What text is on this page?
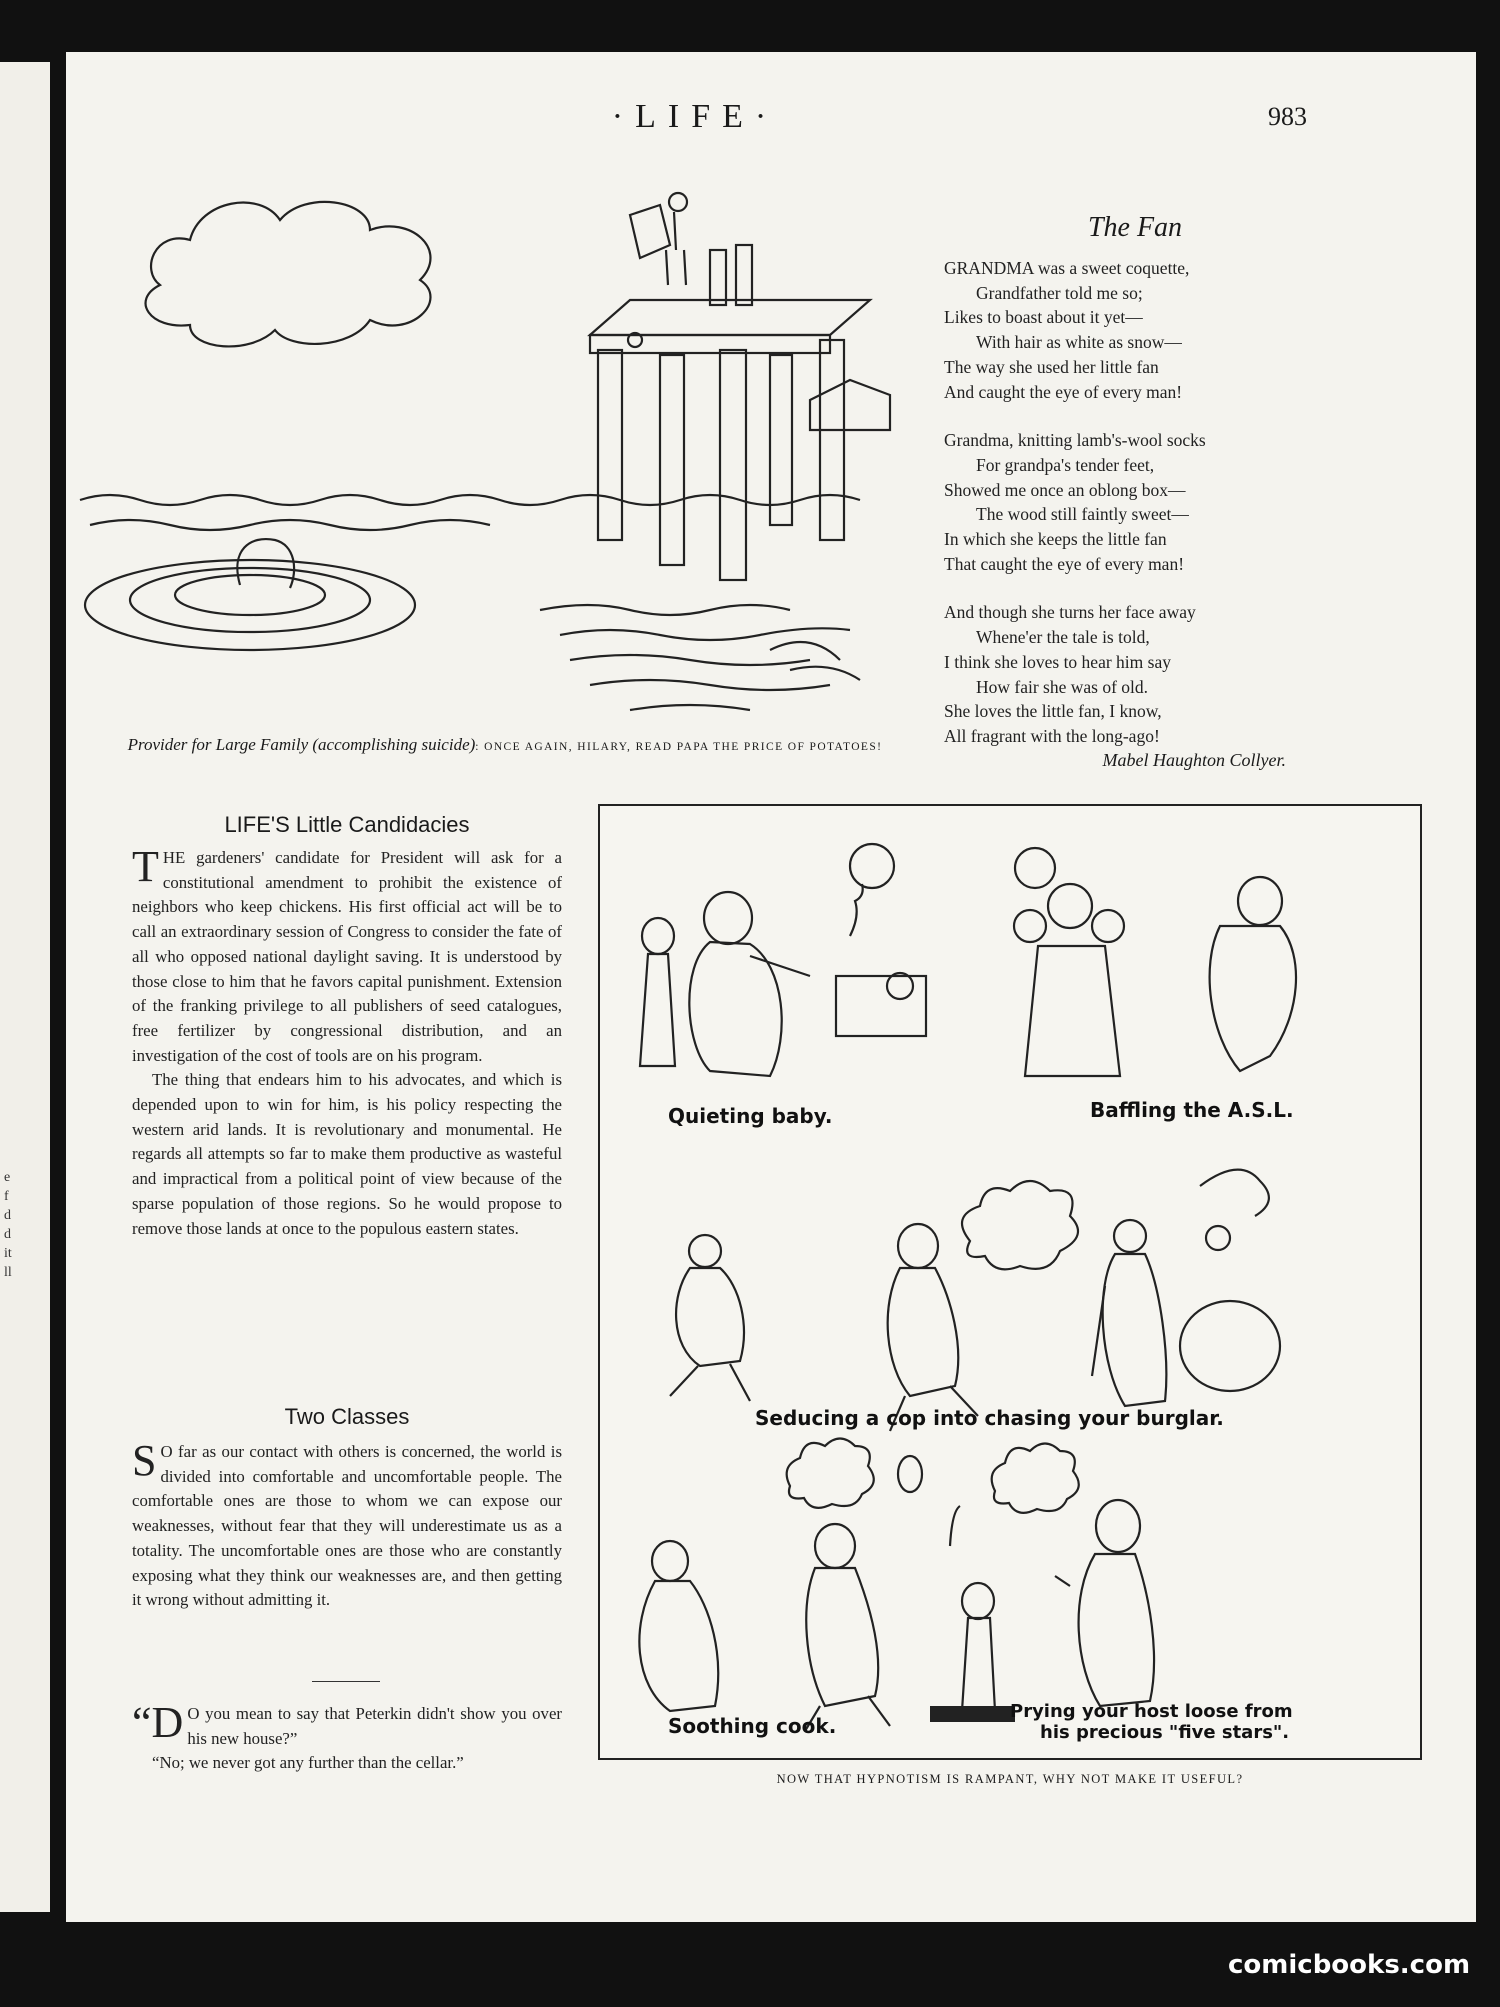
e
f
d
d
it
ll
·LIFE·	983
Provider for Large Family (accomplishing suicide): ONCE AGAIN, HILARY, READ PAPA THE PRICE OF POTATOES!
The Fan
GRANDMA was a sweet coquette,
Grandfather told me so;
Likes to boast about it yet—
With hair as white as snow—
The way she used her little fan
And caught the eye of every man!
Grandma, knitting lamb's-wool socks
For grandpa's tender feet,
Showed me once an oblong box—
The wood still faintly sweet—
In which she keeps the little fan
That caught the eye of every man!
And though she turns her face away
Whene'er the tale is told,
I think she loves to hear him say
How fair she was of old.
She loves the little fan, I know,
All fragrant with the long-ago!
Mabel Haughton Collyer.
LIFE'S Little Candidacies

THE gardeners' candidate for President will ask for a constitutional amendment to prohibit the existence of neighbors who keep chickens. His first official act will be to call an extraordinary session of Congress to consider the fate of all who opposed national daylight saving. It is understood by those close to him that he favors capital punishment. Extension of the franking privilege to all publishers of seed catalogues, free fertilizer by congressional distribution, and an investigation of the cost of tools are on his program.

The thing that endears him to his advocates, and which is depended upon to win for him, is his policy respecting the western arid lands. It is revolutionary and monumental. He regards all attempts so far to make them productive as wasteful and impractical from a political point of view because of the sparse population of those regions. So he would propose to remove those lands at once to the populous eastern states.

Two Classes

S O far as our contact with others is concerned, the world is divided into comfortable and uncomfortable people. The comfortable ones are those to whom we can expose our weaknesses, without fear that they will underestimate us as a totality. The uncomfortable ones are those who are constantly exposing what they think our weaknesses are, and then getting it wrong without admitting it.

“D O you mean to say that Peterkin didn't show you over his new house?”

“No; we never got any further than the cellar.”

Quieting baby.	Baffling the A.S.L.
Seducing a cop into chasing your burglar.
Soothing cook.
Prying your host loose from
his precious "five stars".
NOW THAT HYPNOTISM IS RAMPANT, WHY NOT MAKE IT USEFUL?
comicbooks.com
